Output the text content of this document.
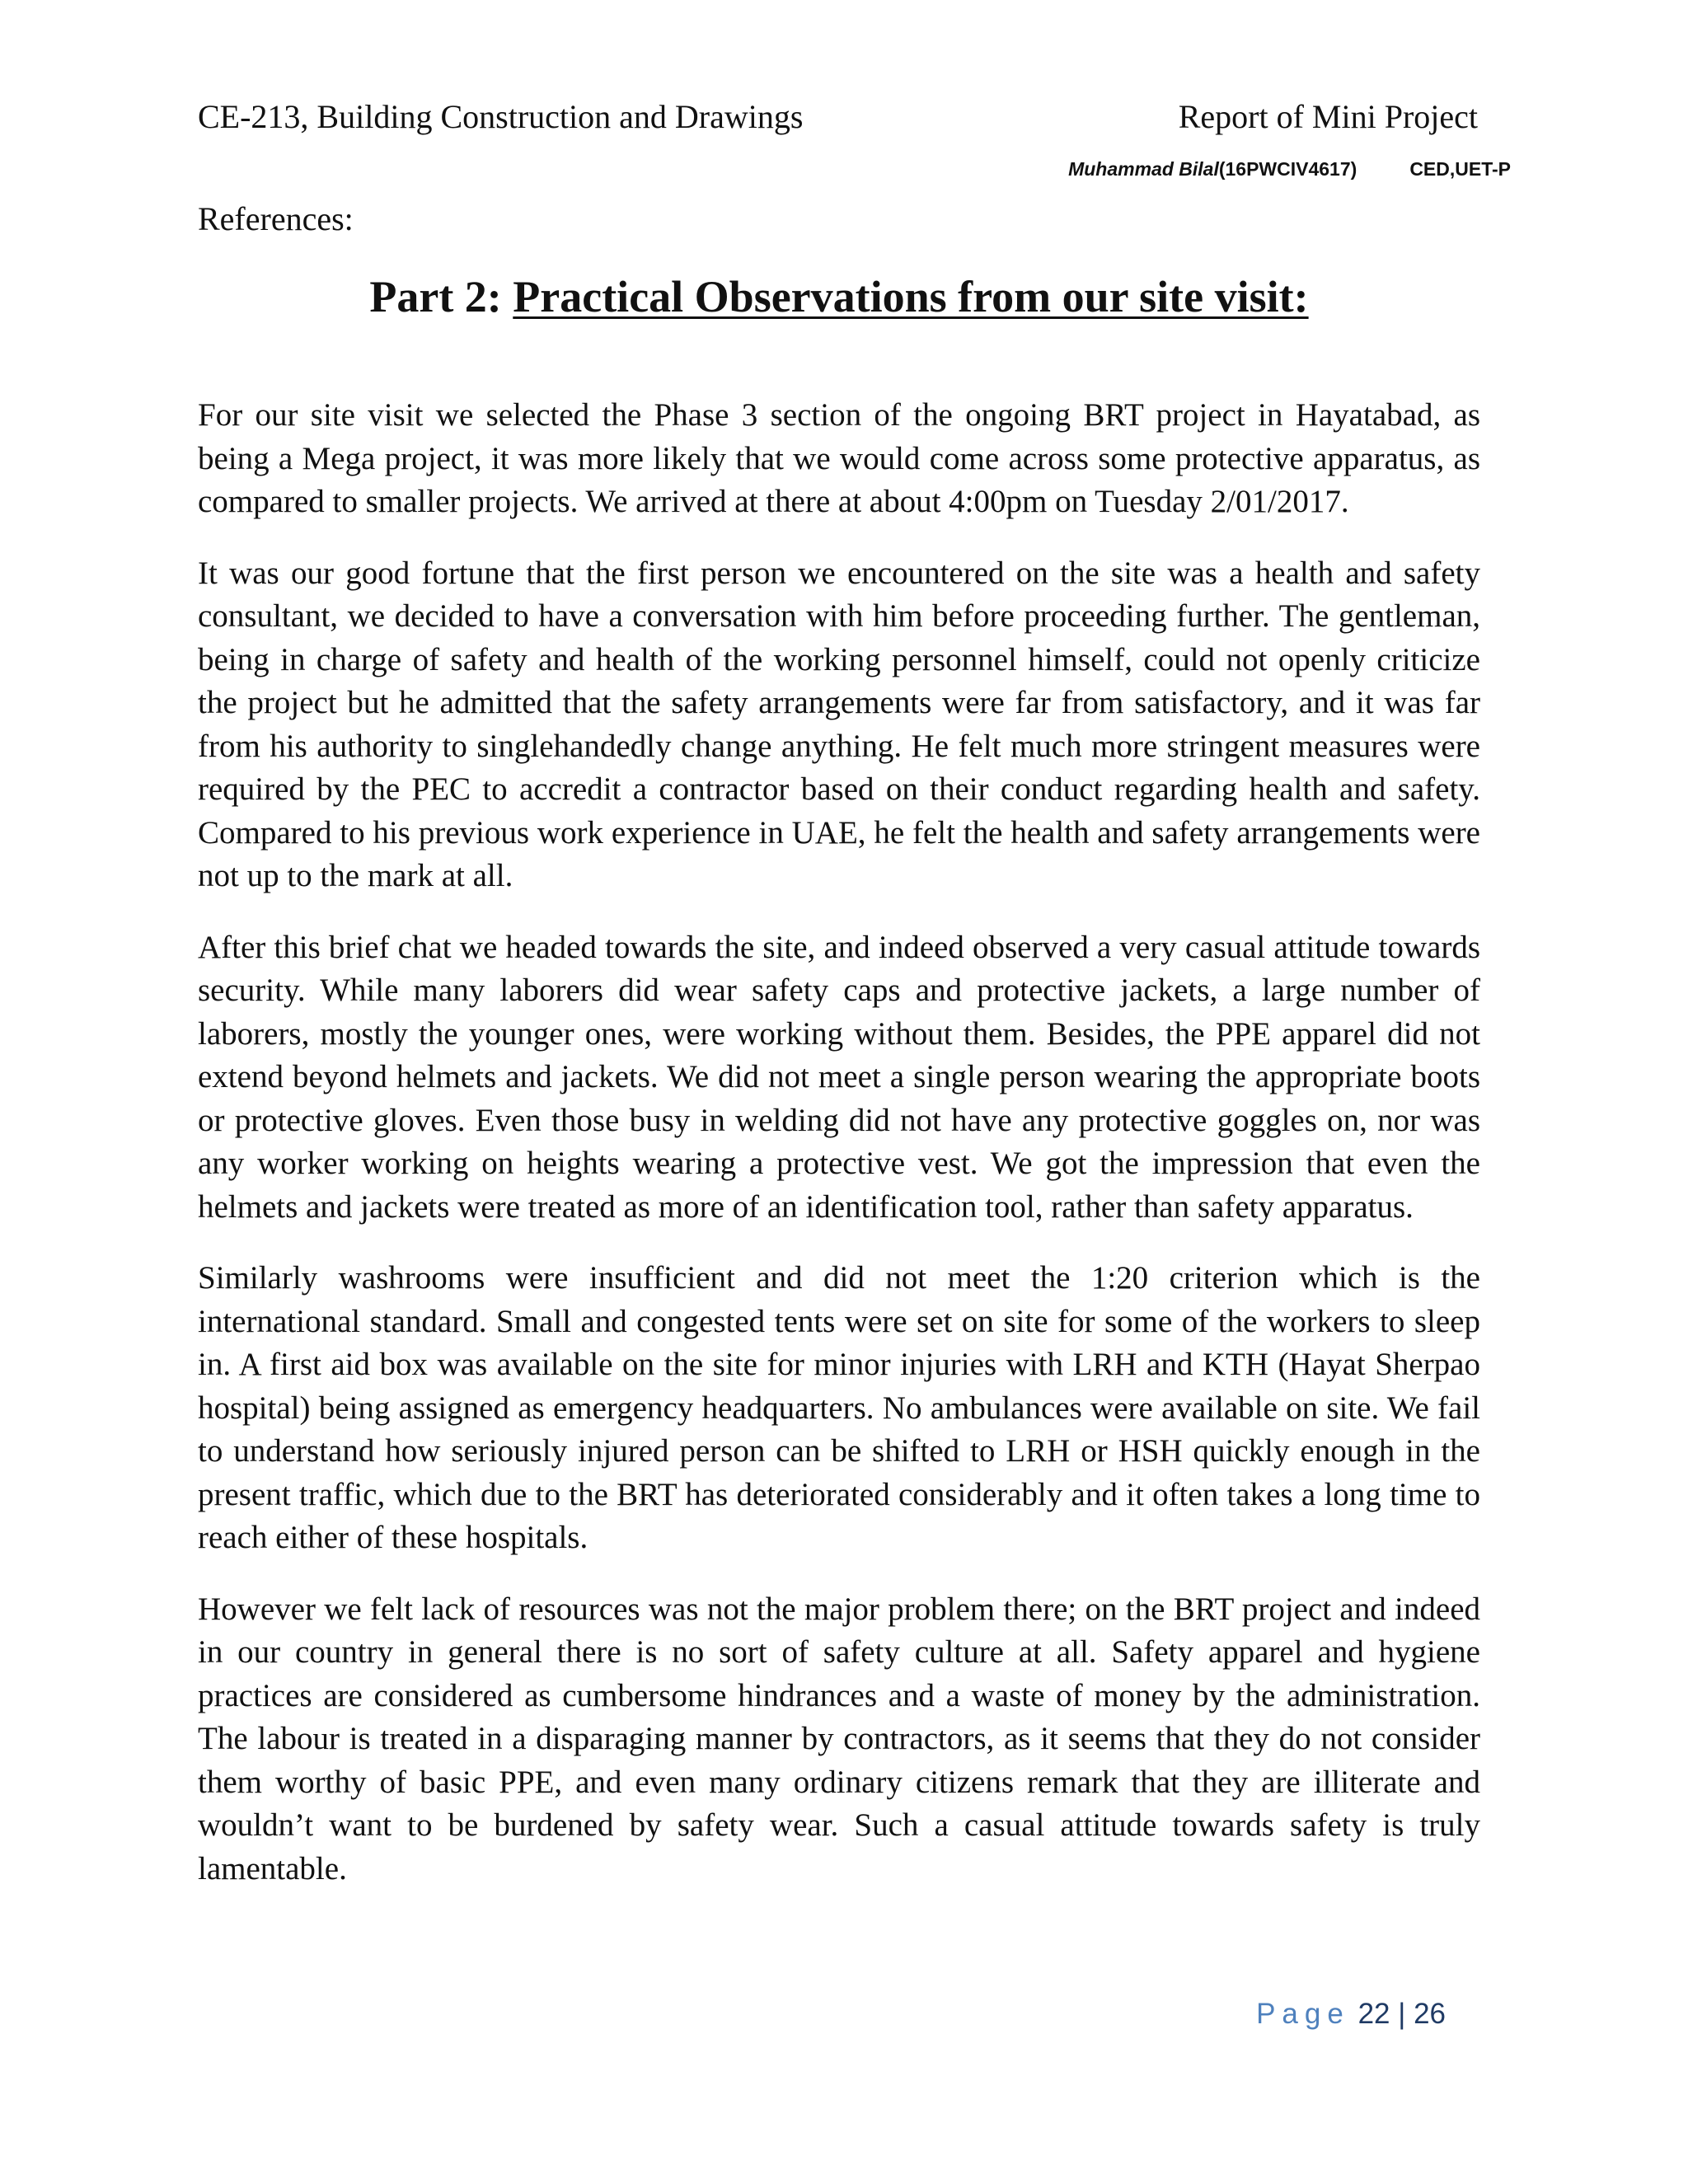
CE-213, Building Construction and Drawings	Report of Mini Project
Muhammad Bilal(16PWCIV4617)	CED,UET-P
References:
Part 2: Practical Observations from our site visit:

For our site visit we selected the Phase 3 section of the ongoing BRT project in Hayatabad, as being a Mega project, it was more likely that we would come across some protective apparatus, as compared to smaller projects. We arrived at there at about 4:00pm on Tuesday 2/01/2017.

It was our good fortune that the first person we encountered on the site was a health and safety consultant, we decided to have a conversation with him before proceeding further. The gentleman, being in charge of safety and health of the working personnel himself, could not openly criticize the project but he admitted that the safety arrangements were far from satisfactory, and it was far from his authority to singlehandedly change anything. He felt much more stringent measures were required by the PEC to accredit a contractor based on their conduct regarding health and safety. Compared to his previous work experience in UAE, he felt the health and safety arrangements were not up to the mark at all.

After this brief chat we headed towards the site, and indeed observed a very casual attitude towards security. While many laborers did wear safety caps and protective jackets, a large number of laborers, mostly the younger ones, were working without them. Besides, the PPE apparel did not extend beyond helmets and jackets. We did not meet a single person wearing the appropriate boots or protective gloves. Even those busy in welding did not have any protective goggles on, nor was any worker working on heights wearing a protective vest. We got the impression that even the helmets and jackets were treated as more of an identification tool, rather than safety apparatus.

Similarly washrooms were insufficient and did not meet the 1:20 criterion which is the international standard. Small and congested tents were set on site for some of the workers to sleep in. A first aid box was available on the site for minor injuries with LRH and KTH (Hayat Sherpao hospital) being assigned as emergency headquarters. No ambulances were available on site. We fail to understand how seriously injured person can be shifted to LRH or HSH quickly enough in the present traffic, which due to the BRT has deteriorated considerably and it often takes a long time to reach either of these hospitals.

However we felt lack of resources was not the major problem there; on the BRT project and indeed in our country in general there is no sort of safety culture at all. Safety apparel and hygiene practices are considered as cumbersome hindrances and a waste of money by the administration. The labour is treated in a disparaging manner by contractors, as it seems that they do not consider them worthy of basic PPE, and even many ordinary citizens remark that they are illiterate and wouldn’t want to be burdened by safety wear. Such a casual attitude towards safety is truly lamentable.

Page 22 | 26
